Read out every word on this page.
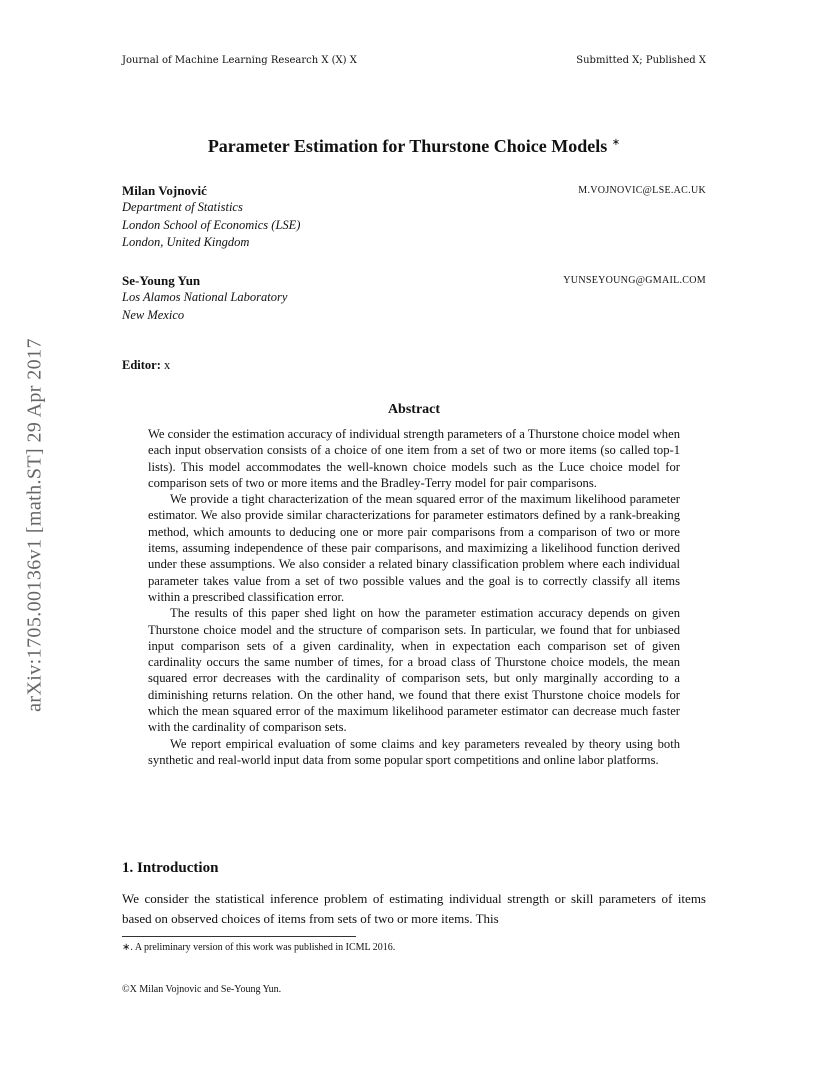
Journal of Machine Learning Research X (X) X	Submitted X; Published X
arXiv:1705.00136v1 [math.ST] 29 Apr 2017
Parameter Estimation for Thurstone Choice Models ∗
Milan Vojnović	M.VOJNOVIC@LSE.AC.UK
Department of Statistics
London School of Economics (LSE)
London, United Kingdom
Se-Young Yun	YUNSEYOUNG@GMAIL.COM
Los Alamos National Laboratory
New Mexico
Editor: x
Abstract

We consider the estimation accuracy of individual strength parameters of a Thurstone choice model when each input observation consists of a choice of one item from a set of two or more items (so called top-1 lists). This model accommodates the well-known choice models such as the Luce choice model for comparison sets of two or more items and the Bradley-Terry model for pair comparisons.

We provide a tight characterization of the mean squared error of the maximum likelihood parameter estimator. We also provide similar characterizations for parameter estimators defined by a rank-breaking method, which amounts to deducing one or more pair comparisons from a comparison of two or more items, assuming independence of these pair comparisons, and maximizing a likelihood function derived under these assumptions. We also consider a related binary classification problem where each individual parameter takes value from a set of two possible values and the goal is to correctly classify all items within a prescribed classification error.

The results of this paper shed light on how the parameter estimation accuracy depends on given Thurstone choice model and the structure of comparison sets. In particular, we found that for unbiased input comparison sets of a given cardinality, when in expectation each comparison set of given cardinality occurs the same number of times, for a broad class of Thurstone choice models, the mean squared error decreases with the cardinality of comparison sets, but only marginally according to a diminishing returns relation. On the other hand, we found that there exist Thurstone choice models for which the mean squared error of the maximum likelihood parameter estimator can decrease much faster with the cardinality of comparison sets.

We report empirical evaluation of some claims and key parameters revealed by theory using both synthetic and real-world input data from some popular sport competitions and online labor platforms.

1. Introduction

We consider the statistical inference problem of estimating individual strength or skill parameters of items based on observed choices of items from sets of two or more items. This

∗. A preliminary version of this work was published in ICML 2016.
©X Milan Vojnovic and Se-Young Yun.
